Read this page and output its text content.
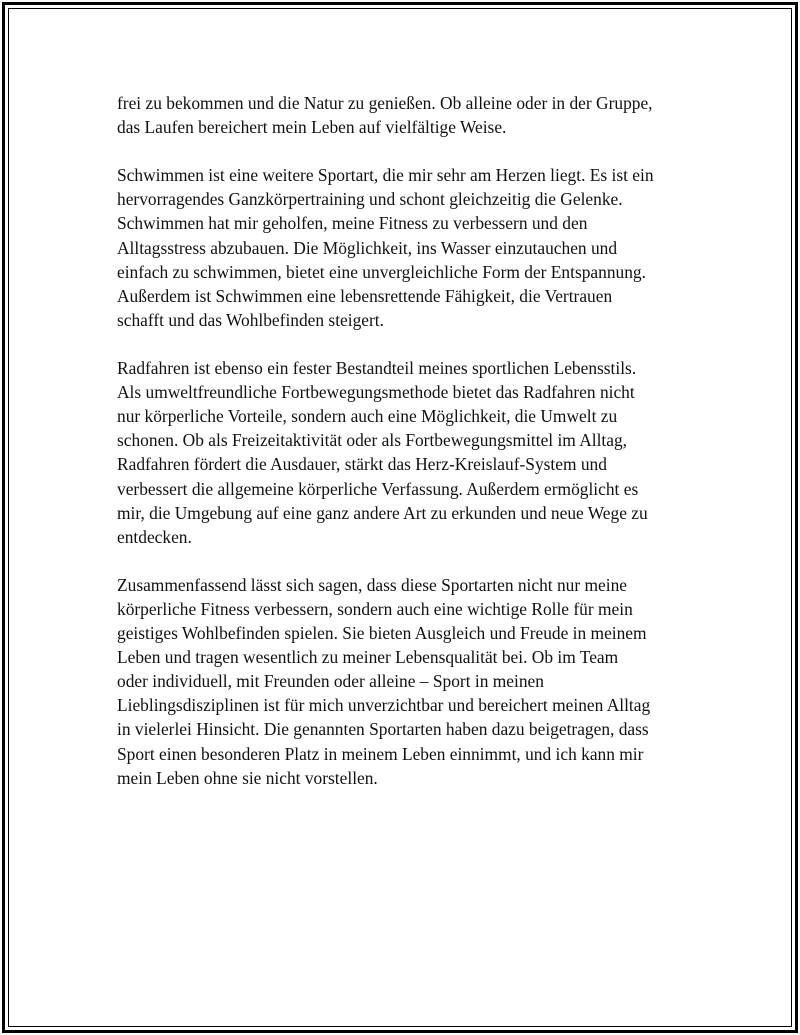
frei zu bekommen und die Natur zu genießen. Ob alleine oder in der Gruppe,
das Laufen bereichert mein Leben auf vielfältige Weise.

Schwimmen ist eine weitere Sportart, die mir sehr am Herzen liegt. Es ist ein
hervorragendes Ganzkörpertraining und schont gleichzeitig die Gelenke.
Schwimmen hat mir geholfen, meine Fitness zu verbessern und den
Alltagsstress abzubauen. Die Möglichkeit, ins Wasser einzutauchen und
einfach zu schwimmen, bietet eine unvergleichliche Form der Entspannung.
Außerdem ist Schwimmen eine lebensrettende Fähigkeit, die Vertrauen
schafft und das Wohlbefinden steigert.

Radfahren ist ebenso ein fester Bestandteil meines sportlichen Lebensstils.
Als umweltfreundliche Fortbewegungsmethode bietet das Radfahren nicht
nur körperliche Vorteile, sondern auch eine Möglichkeit, die Umwelt zu
schonen. Ob als Freizeitaktivität oder als Fortbewegungsmittel im Alltag,
Radfahren fördert die Ausdauer, stärkt das Herz-Kreislauf-System und
verbessert die allgemeine körperliche Verfassung. Außerdem ermöglicht es
mir, die Umgebung auf eine ganz andere Art zu erkunden und neue Wege zu
entdecken.

Zusammenfassend lässt sich sagen, dass diese Sportarten nicht nur meine
körperliche Fitness verbessern, sondern auch eine wichtige Rolle für mein
geistiges Wohlbefinden spielen. Sie bieten Ausgleich und Freude in meinem
Leben und tragen wesentlich zu meiner Lebensqualität bei. Ob im Team
oder individuell, mit Freunden oder alleine – Sport in meinen
Lieblingsdisziplinen ist für mich unverzichtbar und bereichert meinen Alltag
in vielerlei Hinsicht. Die genannten Sportarten haben dazu beigetragen, dass
Sport einen besonderen Platz in meinem Leben einnimmt, und ich kann mir
mein Leben ohne sie nicht vorstellen.
